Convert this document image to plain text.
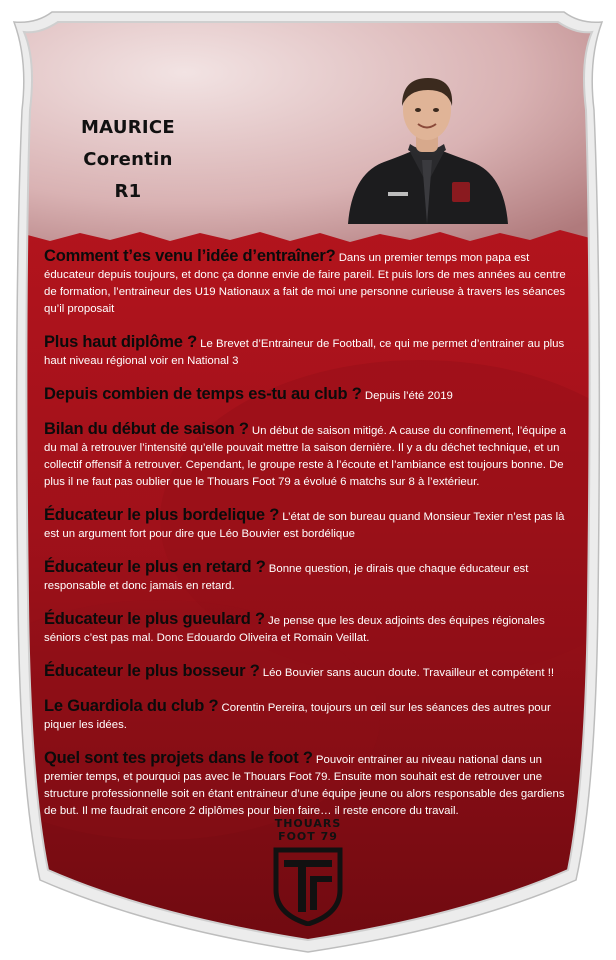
MAURICE
Corentin
R1
Comment t’es venu l’idée d’entraîner? Dans un premier temps mon papa est éducateur depuis toujours, et donc ça donne envie de faire pareil. Et puis lors de mes années au centre de formation, l’entraineur des U19 Nationaux a fait de moi une personne curieuse à travers les séances qu’il proposait
Plus haut diplôme ? Le Brevet d’Entraineur de Football, ce qui me permet d’entrainer au plus haut niveau régional voir en National 3
Depuis combien de temps es-tu au club ? Depuis l’été 2019
Bilan du début de saison ? Un début de saison mitigé. A cause du confinement, l’équipe a du mal à retrouver l’intensité qu’elle pouvait mettre la saison dernière. Il y a du déchet technique, et un collectif offensif à retrouver. Cependant, le groupe reste à l’écoute et l’ambiance est toujours bonne. De plus il ne faut pas oublier que le Thouars Foot 79 a évolué 6 matchs sur 8 à l’extérieur.
Éducateur le plus bordelique ? L’état de son bureau quand Monsieur Texier n’est pas là est un argument fort pour dire que Léo Bouvier est bordélique
Éducateur le plus en retard ? Bonne question, je dirais que chaque éducateur est responsable et donc jamais en retard.
Éducateur le plus gueulard ? Je pense que les deux adjoints des équipes régionales séniors c’est pas mal. Donc Edouardo Oliveira et Romain Veillat.
Éducateur le plus bosseur ? Léo Bouvier sans aucun doute. Travailleur et compétent !!
Le Guardiola du club ? Corentin Pereira, toujours un œil sur les séances des autres pour piquer les idées.
Quel sont tes projets dans le foot ? Pouvoir entrainer au niveau national dans un premier temps, et pourquoi pas avec le Thouars Foot 79. Ensuite mon souhait est de retrouver une structure professionnelle soit en étant entraineur d’une équipe jeune ou alors responsable des gardiens de but. Il me faudrait encore 2 diplômes pour bien faire… il reste encore du travail.
THOUARS
FOOT 79
